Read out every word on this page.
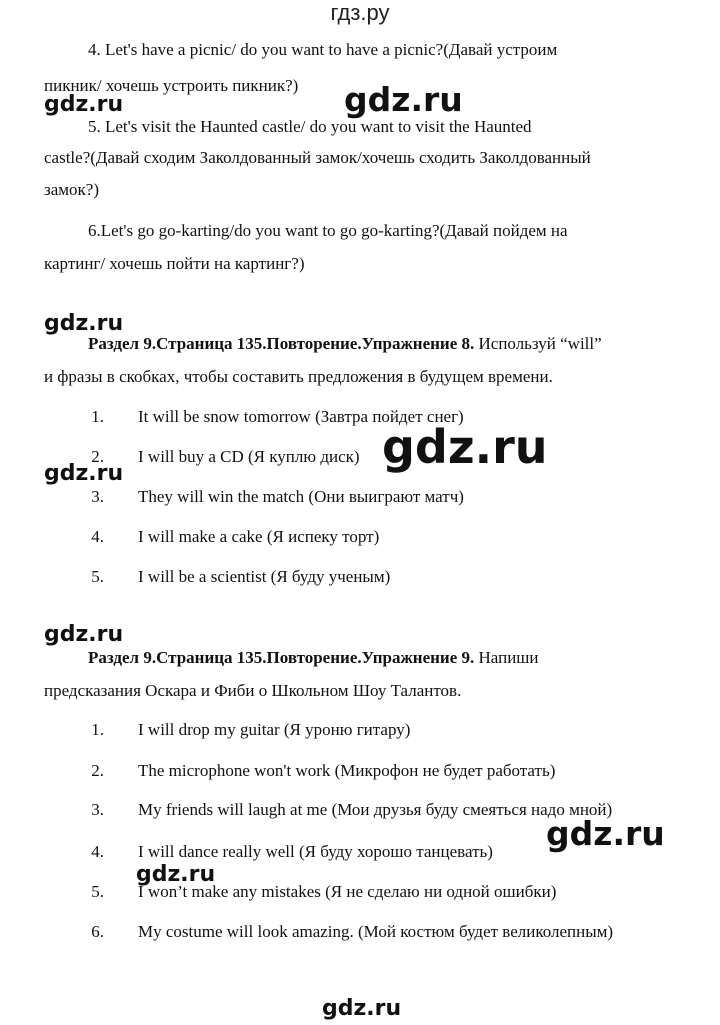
гдз.ру
4. Let's have a picnic/ do you want to have a picnic?(Давай устроим
пикник/ хочешь устроить пикник?)
5. Let's visit the Haunted castle/ do you want to visit the Haunted
castle?(Давай сходим Заколдованный замок/хочешь сходить Заколдованный
замок?)
6.Let's go go-karting/do you want to go go-karting?(Давай пойдем на
картинг/ хочешь пойти на картинг?)
Раздел 9.Страница 135.Повторение.Упражнение 8. Используй “will”
и фразы в скобках, чтобы составить предложения в будущем времени.
1. It will be snow tomorrow (Завтра пойдет снег)
2. I will buy a CD (Я куплю диск)
3. They will win the match (Они выиграют матч)
4. I will make a cake (Я испеку торт)
5. I will be a scientist (Я буду ученым)
Раздел 9.Страница 135.Повторение.Упражнение 9. Напиши
предсказания Оскара и Фиби о Школьном Шоу Талантов.
1. I will drop my guitar (Я уроню гитару)
2. The microphone won't work (Микрофон не будет работать)
3. My friends will laugh at me (Мои друзья буду смеяться надо мной)
4. I will dance really well (Я буду хорошо танцевать)
5. I won’t make any mistakes (Я не сделаю ни одной ошибки)
6. My costume will look amazing. (Мой костюм будет великолепным)
gdz.ru	gdz.ru
gdz.ru
gdz.ru
gdz.ru
gdz.ru
gdz.ru
gdz.ru
gdz.ru
